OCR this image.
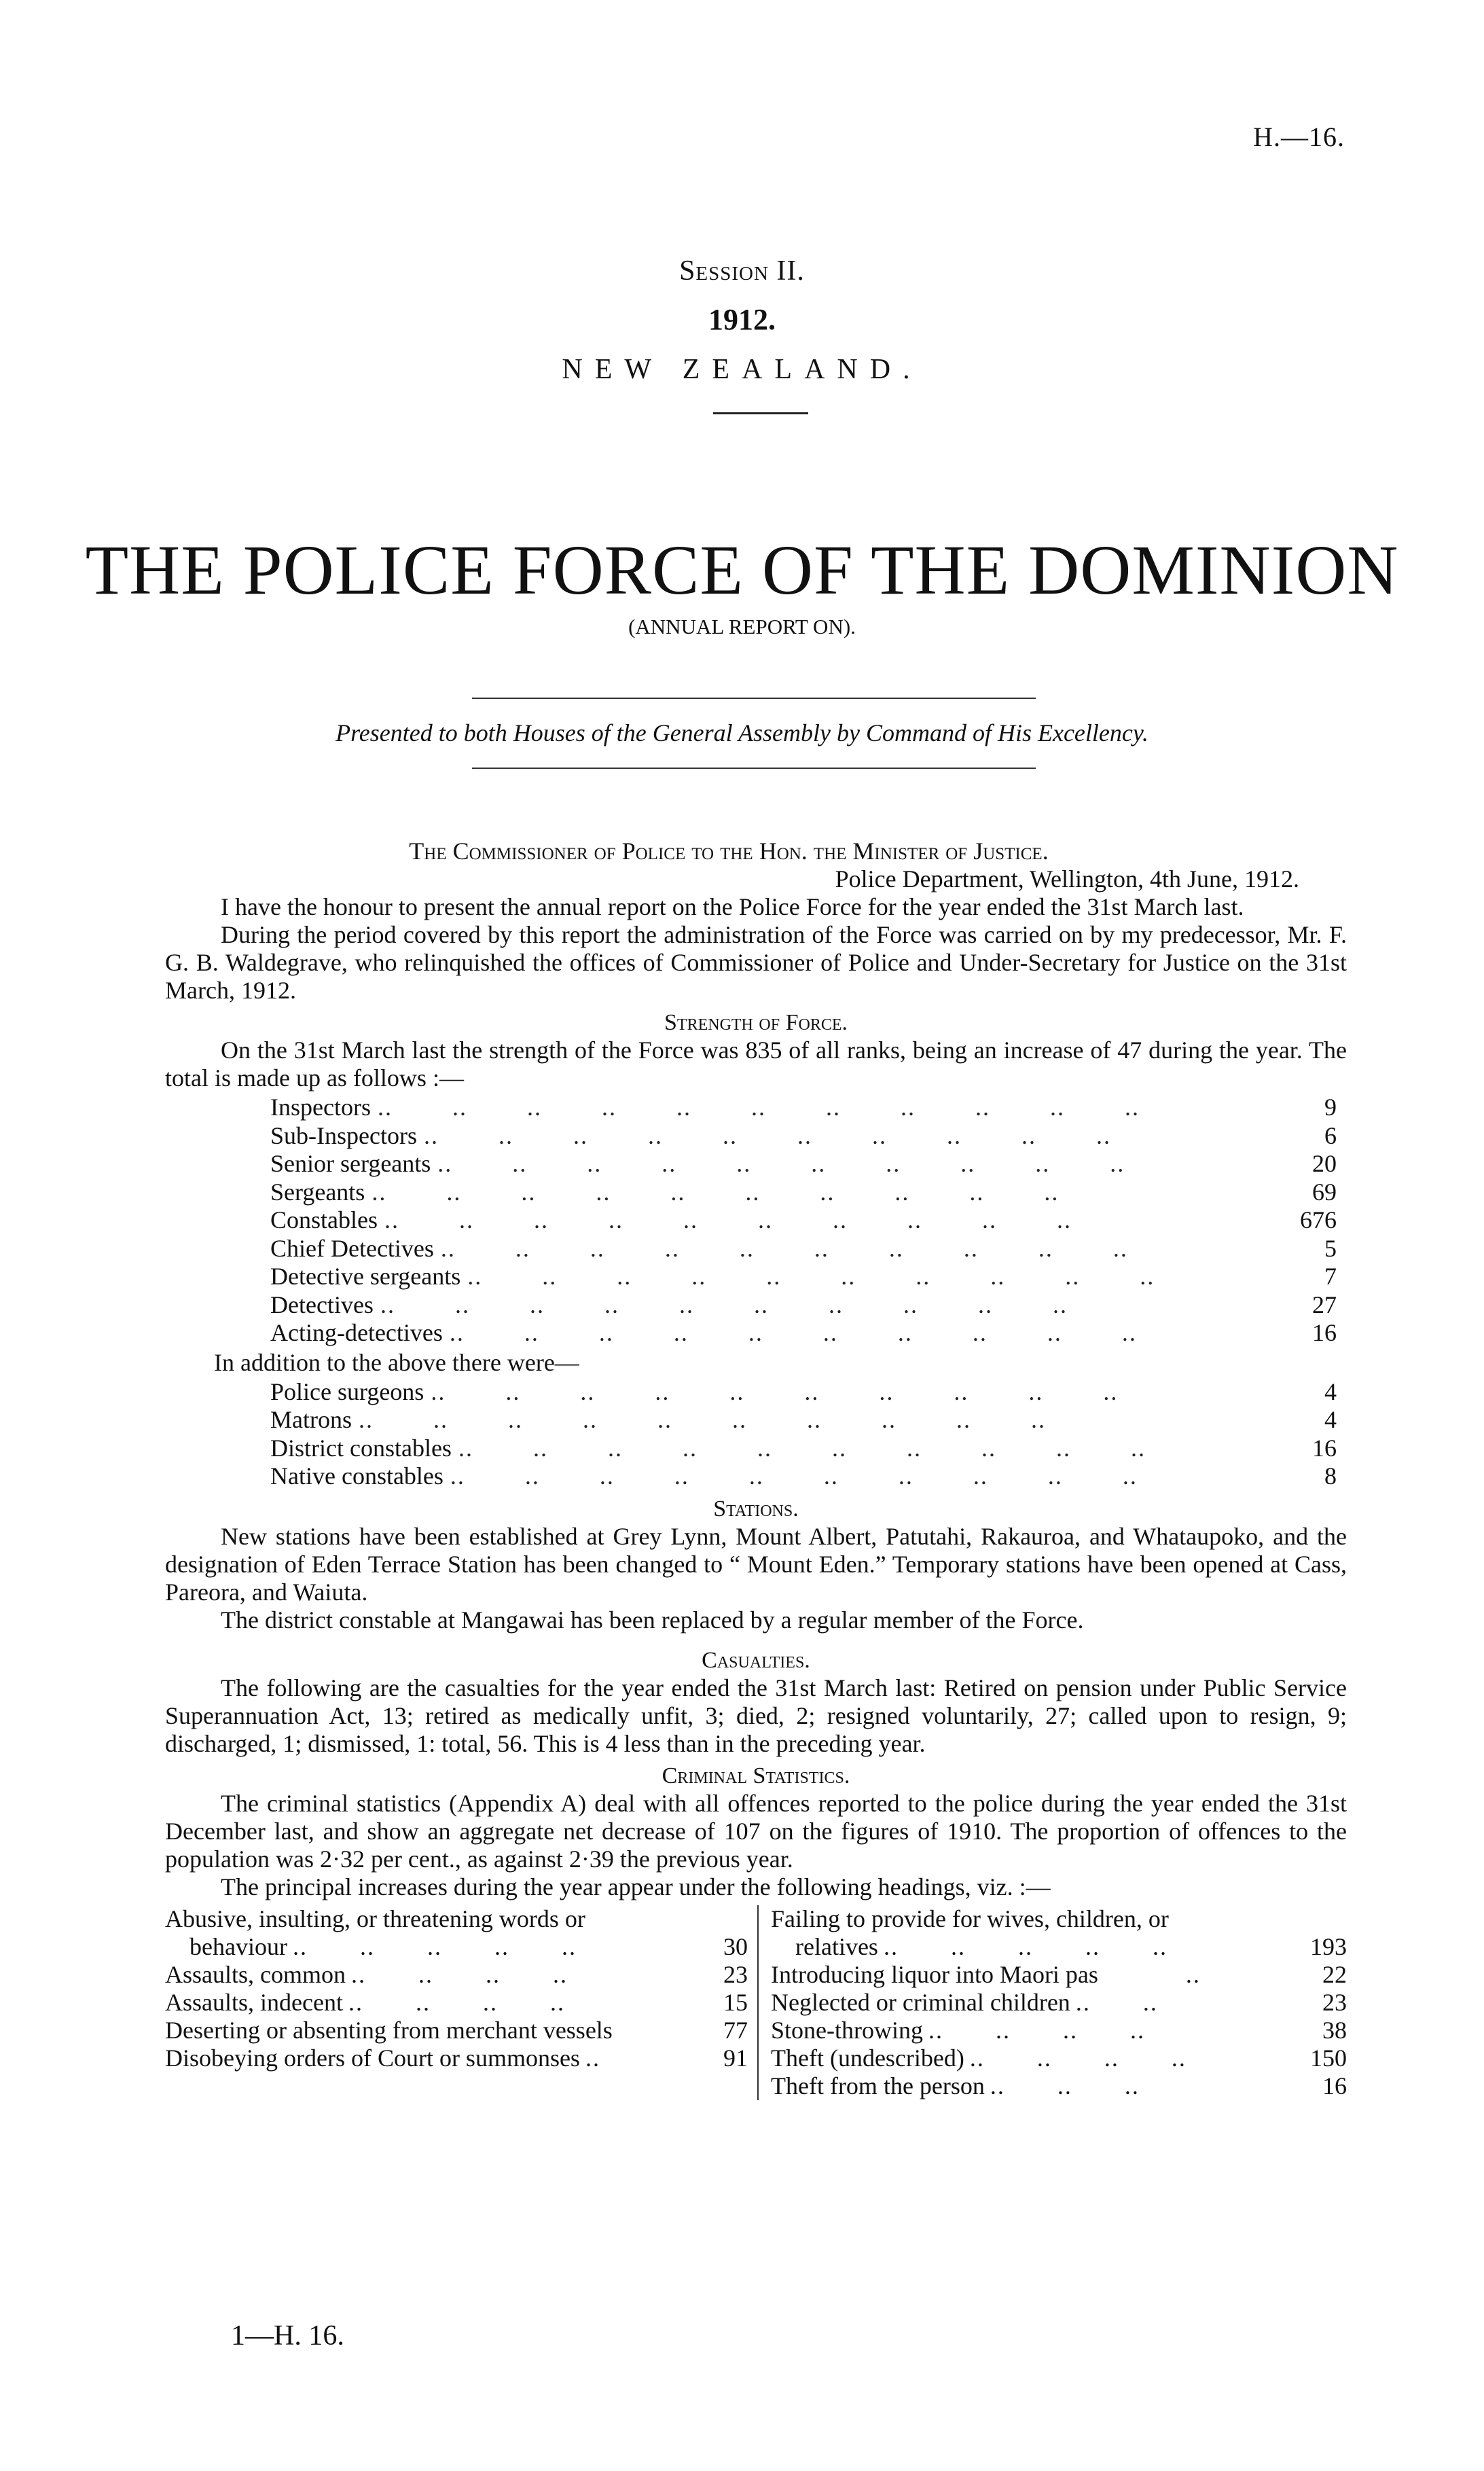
H.—16.
Session II.
1912.
NEW ZEALAND.
THE POLICE FORCE OF THE DOMINION
(ANNUAL REPORT ON).
Presented to both Houses of the General Assembly by Command of His Excellency.
The Commissioner of Police to the Hon. the Minister of Justice.
Police Department, Wellington, 4th June, 1912.

I have the honour to present the annual report on the Police Force for the year ended the 31st March last.

During the period covered by this report the administration of the Force was carried on by my predecessor, Mr. F. G. B. Waldegrave, who relinquished the offices of Commissioner of Police and Under-Secretary for Justice on the 31st March, 1912.

Strength of Force.

On the 31st March last the strength of the Force was 835 of all ranks, being an increase of 47 during the year. The total is made up as follows :—

Inspectors ..        ..        ..        ..        ..        ..        ..        ..        ..        ..        ..	9
Sub-Inspectors ..        ..        ..        ..        ..        ..        ..        ..        ..        ..	6
Senior sergeants ..        ..        ..        ..        ..        ..        ..        ..        ..        ..	20
Sergeants ..        ..        ..        ..        ..        ..        ..        ..        ..        ..	69
Constables ..        ..        ..        ..        ..        ..        ..        ..        ..        ..	676
Chief Detectives ..        ..        ..        ..        ..        ..        ..        ..        ..        ..	5
Detective sergeants ..        ..        ..        ..        ..        ..        ..        ..        ..        ..	7
Detectives ..        ..        ..        ..        ..        ..        ..        ..        ..        ..	27
Acting-detectives ..        ..        ..        ..        ..        ..        ..        ..        ..        ..	16
In addition to the above there were—
Police surgeons ..        ..        ..        ..        ..        ..        ..        ..        ..        ..	4
Matrons ..        ..        ..        ..        ..        ..        ..        ..        ..        ..	4
District constables ..        ..        ..        ..        ..        ..        ..        ..        ..        ..	16
Native constables ..        ..        ..        ..        ..        ..        ..        ..        ..        ..	8
Stations.

New stations have been established at Grey Lynn, Mount Albert, Patutahi, Rakauroa, and Whataupoko, and the designation of Eden Terrace Station has been changed to “ Mount Eden.” Temporary stations have been opened at Cass, Pareora, and Waiuta.

The district constable at Mangawai has been replaced by a regular member of the Force.

Casualties.

The following are the casualties for the year ended the 31st March last: Retired on pension under Public Service Superannuation Act, 13; retired as medically unfit, 3; died, 2; resigned voluntarily, 27; called upon to resign, 9; discharged, 1; dismissed, 1: total, 56. This is 4 less than in the preceding year.

Criminal Statistics.

The criminal statistics (Appendix A) deal with all offences reported to the police during the year ended the 31st December last, and show an aggregate net decrease of 107 on the figures of 1910. The proportion of offences to the population was 2·32 per cent., as against 2·39 the previous year.

The principal increases during the year appear under the following headings, viz. :—

Abusive, insulting, or threatening words or
behaviour ..       ..       ..       ..       ..	30
Assaults, common ..       ..       ..       ..	23
Assaults, indecent ..       ..       ..       ..	15
Deserting or absenting from merchant vessels	77
Disobeying orders of Court or summonses ..	91
Failing to provide for wives, children, or
relatives ..       ..       ..       ..       ..	193
Introducing liquor into Maori pas ..	22
Neglected or criminal children ..       ..	23
Stone-throwing ..       ..       ..       ..	38
Theft (undescribed) ..       ..       ..       ..	150
Theft from the person ..       ..       ..	16
1—H. 16.
